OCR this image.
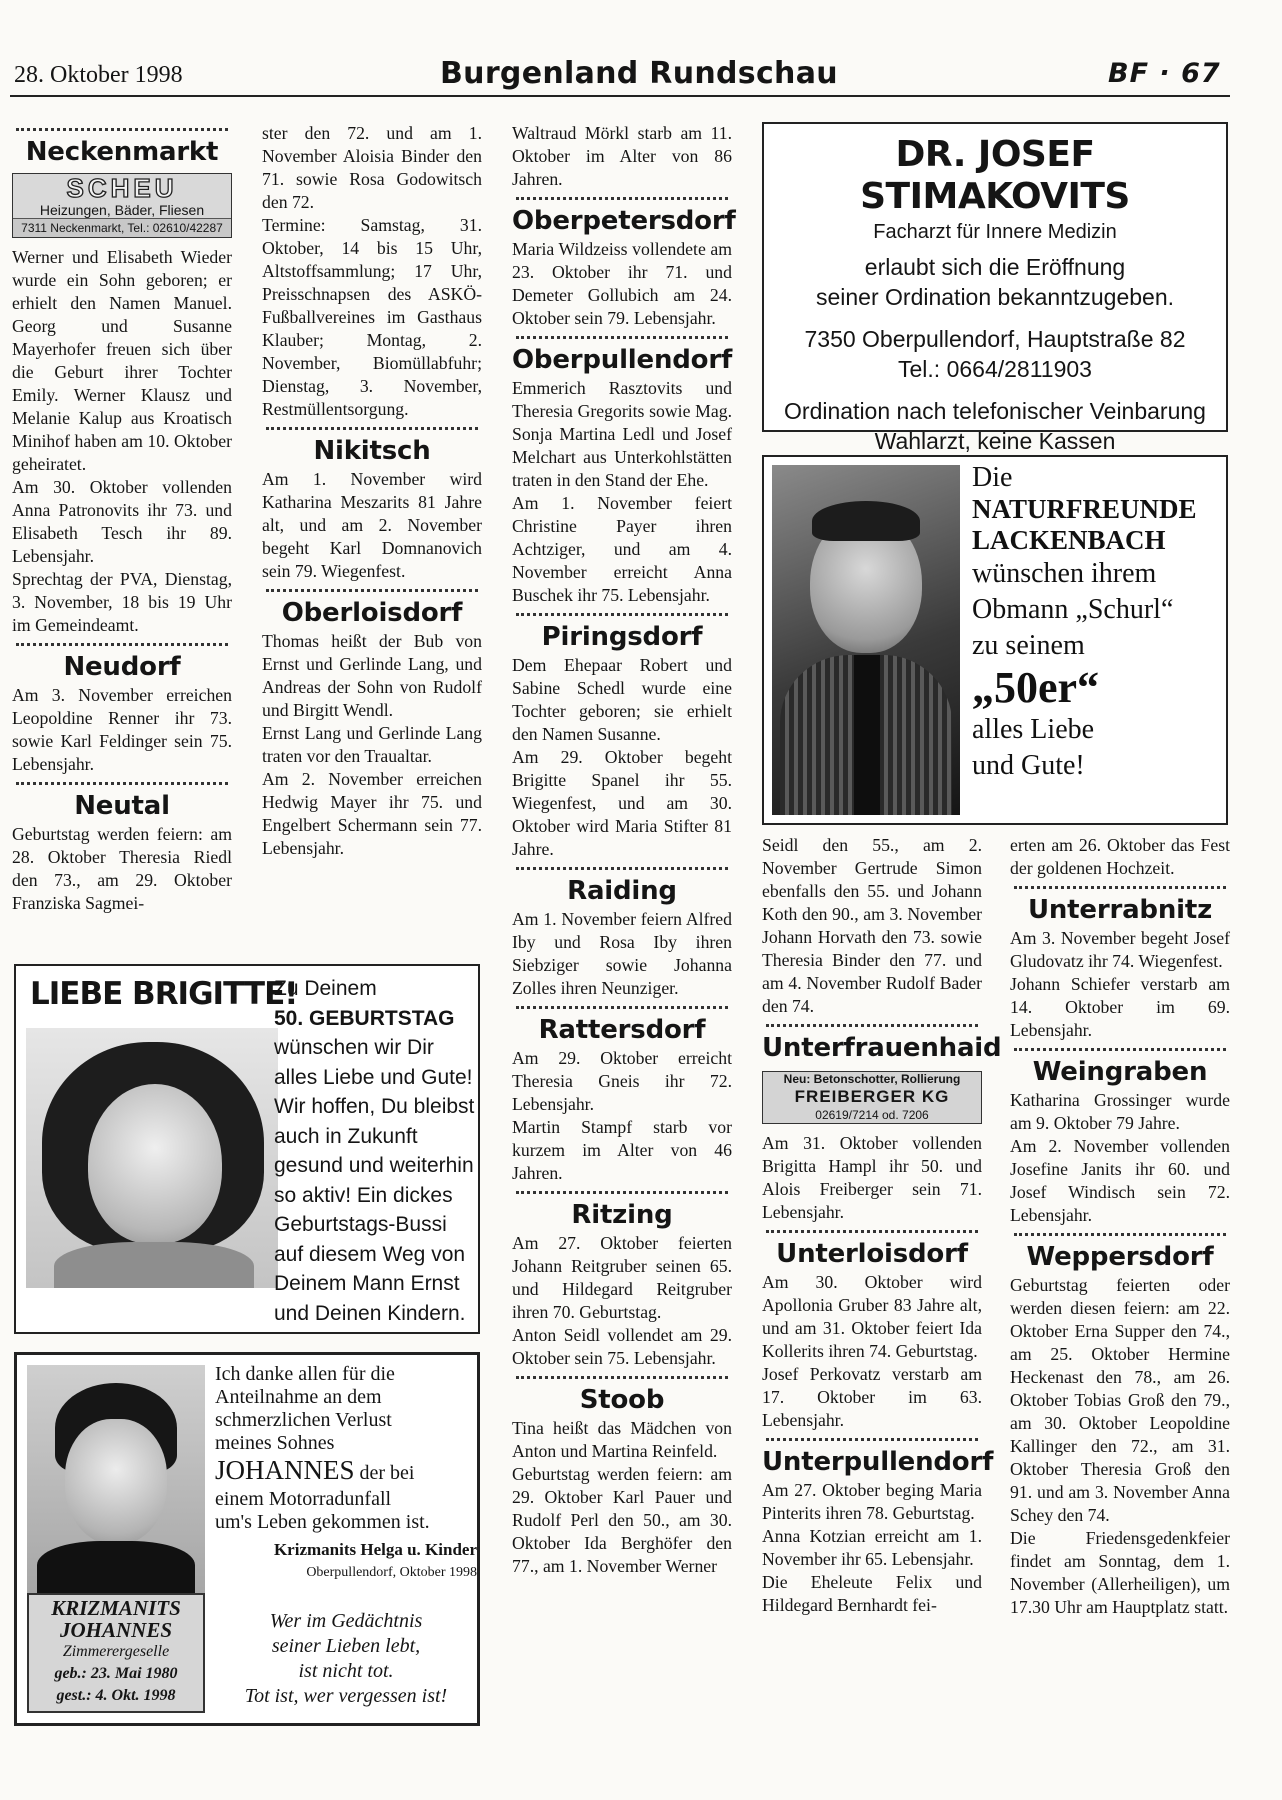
28. Oktober 1998	Burgenland Rundschau	BF · 67
Neckenmarkt
SCHEU
Heizungen, Bäder, Fliesen
7311 Neckenmarkt, Tel.: 02610/42287

Werner und Elisabeth Wieder wurde ein Sohn geboren; er erhielt den Namen Manuel. Georg und Susanne Mayerhofer freuen sich über die Geburt ihrer Tochter Emily. Werner Klausz und Melanie Kalup aus Kroatisch Minihof haben am 10. Oktober geheiratet.

Am 30. Oktober vollenden Anna Patronovits ihr 73. und Elisabeth Tesch ihr 89. Lebensjahr.

Sprechtag der PVA, Dienstag, 3. November, 18 bis 19 Uhr im Gemeindeamt.

Neudorf

Am 3. November erreichen Leopoldine Renner ihr 73. sowie Karl Feldinger sein 75. Lebensjahr.

Neutal

Geburtstag werden feiern: am 28. Oktober Theresia Riedl den 73., am 29. Oktober Franziska Sagmei-

ster den 72. und am 1. November Aloisia Binder den 71. sowie Rosa Godowitsch den 72.

Termine: Samstag, 31. Oktober, 14 bis 15 Uhr, Altstoffsammlung; 17 Uhr, Preisschnapsen des ASKÖ-Fußballvereines im Gasthaus Klauber; Montag, 2. November, Biomüllabfuhr; Dienstag, 3. November, Restmüllentsorgung.

Nikitsch

Am 1. November wird Katharina Meszarits 81 Jahre alt, und am 2. November begeht Karl Domnanovich sein 79. Wiegenfest.

Oberloisdorf

Thomas heißt der Bub von Ernst und Gerlinde Lang, und Andreas der Sohn von Rudolf und Birgitt Wendl.

Ernst Lang und Gerlinde Lang traten vor den Traualtar.

Am 2. November erreichen Hedwig Mayer ihr 75. und Engelbert Schermann sein 77. Lebensjahr.

Waltraud Mörkl starb am 11. Oktober im Alter von 86 Jahren.

Oberpetersdorf

Maria Wildzeiss vollendete am 23. Oktober ihr 71. und Demeter Gollubich am 24. Oktober sein 79. Lebensjahr.

Oberpullendorf

Emmerich Rasztovits und Theresia Gregorits sowie Mag. Sonja Martina Ledl und Josef Melchart aus Unterkohlstätten traten in den Stand der Ehe.

Am 1. November feiert Christine Payer ihren Achtziger, und am 4. November erreicht Anna Buschek ihr 75. Lebensjahr.

Piringsdorf

Dem Ehepaar Robert und Sabine Schedl wurde eine Tochter geboren; sie erhielt den Namen Susanne.

Am 29. Oktober begeht Brigitte Spanel ihr 55. Wiegenfest, und am 30. Oktober wird Maria Stifter 81 Jahre.

Raiding

Am 1. November feiern Alfred Iby und Rosa Iby ihren Siebziger sowie Johanna Zolles ihren Neunziger.

Rattersdorf

Am 29. Oktober erreicht Theresia Gneis ihr 72. Lebensjahr.

Martin Stampf starb vor kurzem im Alter von 46 Jahren.

Ritzing

Am 27. Oktober feierten Johann Reitgruber seinen 65. und Hildegard Reitgruber ihren 70. Geburtstag.

Anton Seidl vollendet am 29. Oktober sein 75. Lebensjahr.

Stoob

Tina heißt das Mädchen von Anton und Martina Reinfeld.

Geburtstag werden feiern: am 29. Oktober Karl Pauer und Rudolf Perl den 50., am 30. Oktober Ida Berghöfer den 77., am 1. November Werner

DR. JOSEF STIMAKOVITS
Facharzt für Innere Medizin
erlaubt sich die Eröffnung
seiner Ordination bekanntzugeben.
7350 Oberpullendorf, Hauptstraße 82
Tel.: 0664/2811903
Ordination nach telefonischer Veinbarung
Wahlarzt, keine Kassen
Die
NATURFREUNDE
LACKENBACH
wünschen ihrem
Obmann „Schurl“
zu seinem
„50er“
alles Liebe
und Gute!

Seidl den 55., am 2. November Gertrude Simon ebenfalls den 55. und Johann Koth den 90., am 3. November Johann Horvath den 73. sowie Theresia Binder den 77. und am 4. November Rudolf Bader den 74.

Unterfrauenhaid
Neu: Betonschotter, Rollierung
FREIBERGER KG
02619/7214 od. 7206

Am 31. Oktober vollenden Brigitta Hampl ihr 50. und Alois Freiberger sein 71. Lebensjahr.

Unterloisdorf

Am 30. Oktober wird Apollonia Gruber 83 Jahre alt, und am 31. Oktober feiert Ida Kollerits ihren 74. Geburtstag.

Josef Perkovatz verstarb am 17. Oktober im 63. Lebensjahr.

Unterpullendorf

Am 27. Oktober beging Maria Pinterits ihren 78. Geburtstag.

Anna Kotzian erreicht am 1. November ihr 65. Lebensjahr.

Die Eheleute Felix und Hildegard Bernhardt fei-

erten am 26. Oktober das Fest der goldenen Hochzeit.

Unterrabnitz

Am 3. November begeht Josef Gludovatz ihr 74. Wiegenfest.

Johann Schiefer verstarb am 14. Oktober im 69. Lebensjahr.

Weingraben

Katharina Grossinger wurde am 9. Oktober 79 Jahre.

Am 2. November vollenden Josefine Janits ihr 60. und Josef Windisch sein 72. Lebensjahr.

Weppersdorf

Geburtstag feierten oder werden diesen feiern: am 22. Oktober Erna Supper den 74., am 25. Oktober Hermine Heckenast den 78., am 26. Oktober Tobias Groß den 79., am 30. Oktober Leopoldine Kallinger den 72., am 31. Oktober Theresia Groß den 91. und am 3. November Anna Schey den 74.

Die Friedensgedenkfeier findet am Sonntag, dem 1. November (Allerheiligen), um 17.30 Uhr am Hauptplatz statt.

LIEBE BRIGITTE!
Zu Deinem
50. GEBURTSTAG
wünschen wir Dir
alles Liebe und Gute!
Wir hoffen, Du bleibst
auch in Zukunft
gesund und weiterhin
so aktiv! Ein dickes
Geburtstags-Bussi
auf diesem Weg von
Deinem Mann Ernst
und Deinen Kindern.
Ich danke allen für die
Anteilnahme an dem
schmerzlichen Verlust
meines Sohnes
JOHANNES der bei
einem Motorradunfall
um's Leben gekommen ist.
Krizmanits Helga u. Kinder
Oberpullendorf, Oktober 1998
KRIZMANITS
JOHANNES
Zimmerergeselle
geb.: 23. Mai 1980
gest.: 4. Okt. 1998
Wer im Gedächtnis
seiner Lieben lebt,
ist nicht tot.
Tot ist, wer vergessen ist!
